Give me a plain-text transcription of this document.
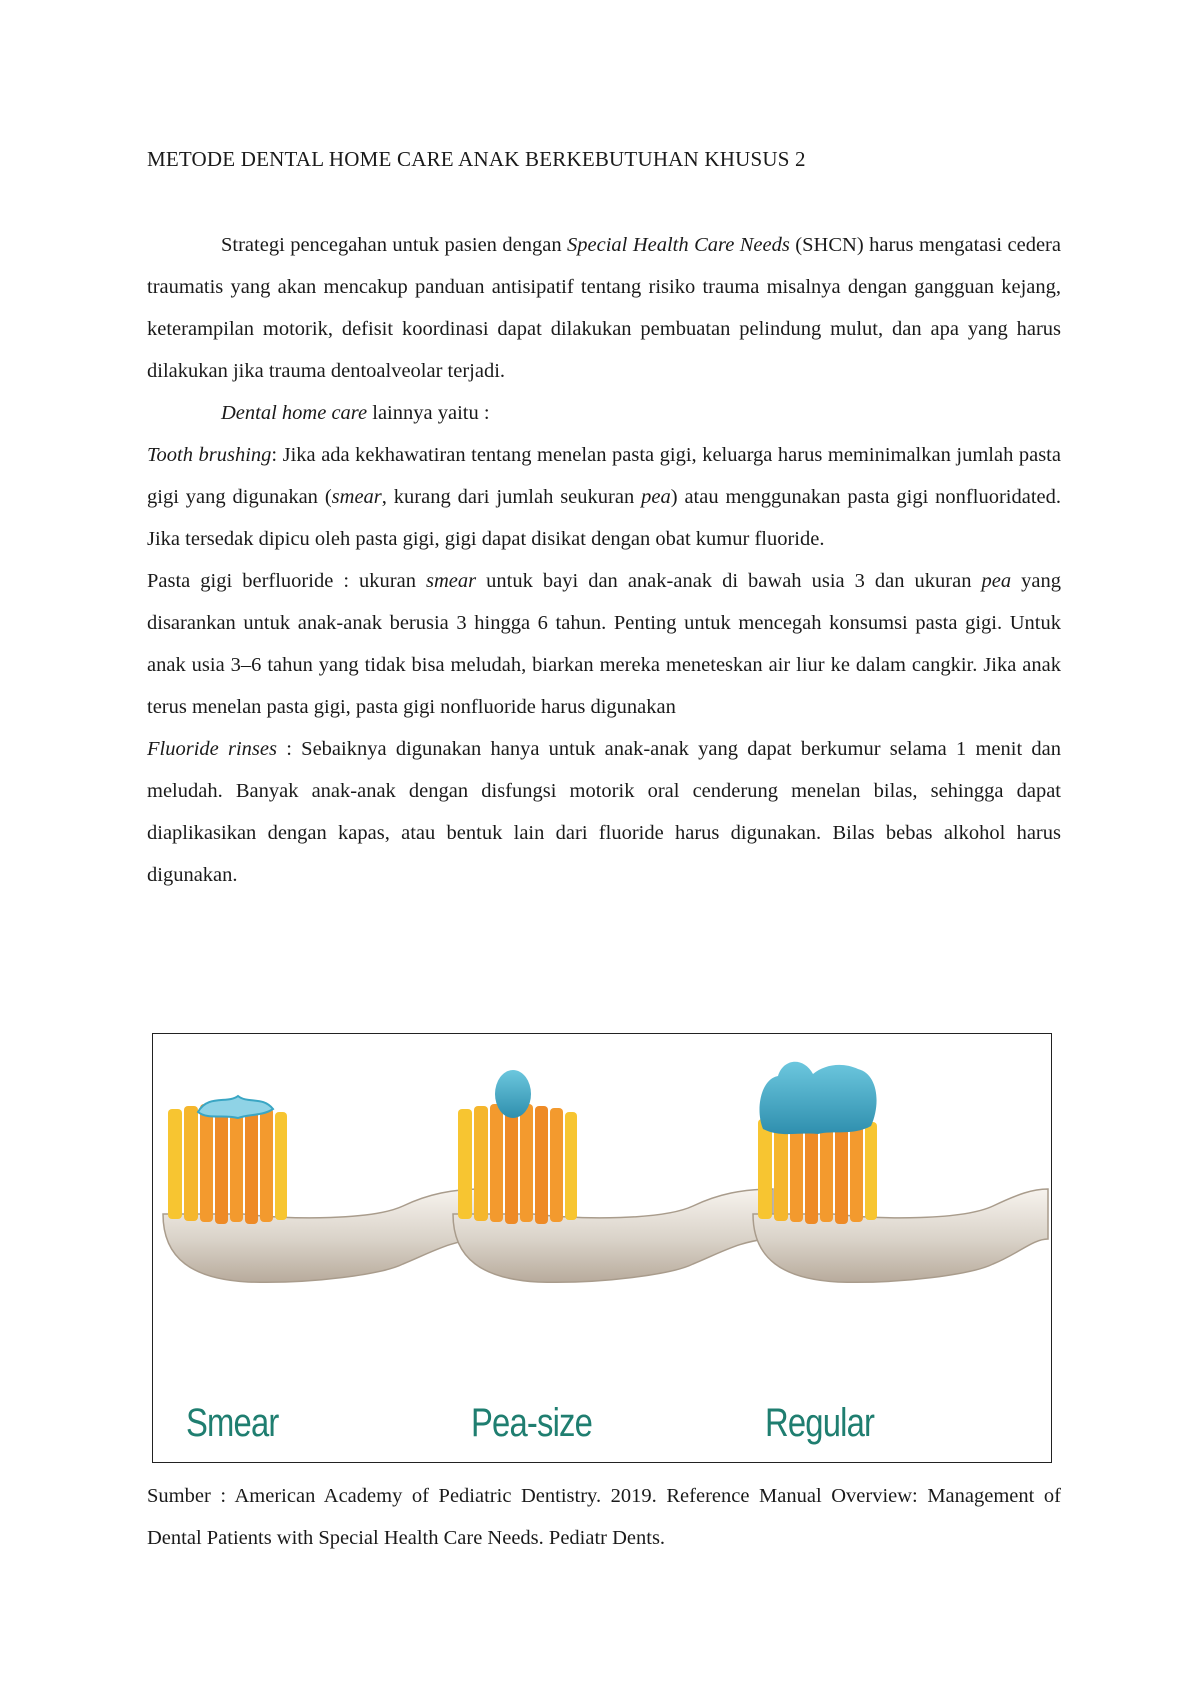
METODE DENTAL HOME CARE ANAK BERKEBUTUHAN KHUSUS 2

Strategi pencegahan untuk pasien dengan Special Health Care Needs (SHCN) harus mengatasi cedera traumatis yang akan mencakup panduan antisipatif tentang risiko trauma misalnya dengan gangguan kejang, keterampilan motorik, defisit koordinasi dapat dilakukan pembuatan pelindung mulut, dan apa yang harus dilakukan jika trauma dentoalveolar terjadi.

Dental home care lainnya yaitu :

Tooth brushing: Jika ada kekhawatiran tentang menelan pasta gigi, keluarga harus meminimalkan jumlah pasta gigi yang digunakan (smear, kurang dari jumlah seukuran pea) atau menggunakan pasta gigi nonfluoridated. Jika tersedak dipicu oleh pasta gigi, gigi dapat disikat dengan obat kumur fluoride.

Pasta gigi berfluoride : ukuran smear untuk bayi dan anak-anak di bawah usia 3 dan ukuran pea yang disarankan untuk anak-anak berusia 3 hingga 6 tahun. Penting untuk mencegah konsumsi pasta gigi. Untuk anak usia 3–6 tahun yang tidak bisa meludah, biarkan mereka meneteskan air liur ke dalam cangkir. Jika anak terus menelan pasta gigi, pasta gigi nonfluoride harus digunakan

Fluoride rinses : Sebaiknya digunakan hanya untuk anak-anak yang dapat berkumur selama 1 menit dan meludah. Banyak anak-anak dengan disfungsi motorik oral cenderung menelan bilas, sehingga dapat diaplikasikan dengan kapas, atau bentuk lain dari fluoride harus digunakan. Bilas bebas alkohol harus digunakan.

Smear	Pea-size	Regular

Sumber : American Academy of Pediatric Dentistry. 2019. Reference Manual Overview: Management of Dental Patients with Special Health Care Needs. Pediatr Dents.
